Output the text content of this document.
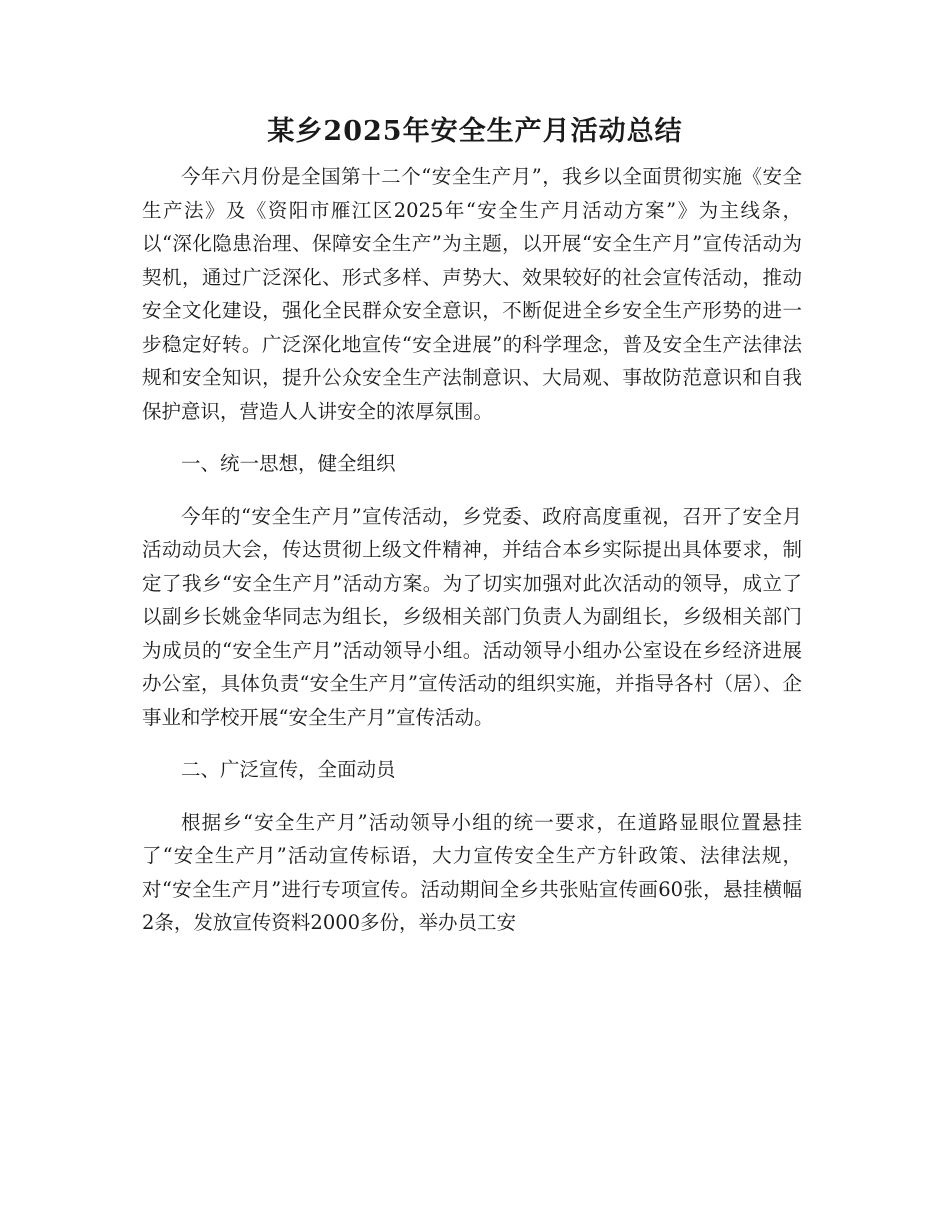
某乡2025年安全生产月活动总结

今年六月份是全国第十二个“安全生产月”，我乡以全面贯彻实施《安全生产法》及《资阳市雁江区2025年“安全生产月活动方案”》为主线条，以“深化隐患治理、保障安全生产”为主题，以开展“安全生产月”宣传活动为契机，通过广泛深化、形式多样、声势大、效果较好的社会宣传活动，推动安全文化建设，强化全民群众安全意识，不断促进全乡安全生产形势的进一步稳定好转。广泛深化地宣传“安全进展”的科学理念，普及安全生产法律法规和安全知识，提升公众安全生产法制意识、大局观、事故防范意识和自我保护意识，营造人人讲安全的浓厚氛围。

一、统一思想，健全组织

今年的“安全生产月”宣传活动，乡党委、政府高度重视，召开了安全月活动动员大会，传达贯彻上级文件精神，并结合本乡实际提出具体要求，制定了我乡“安全生产月”活动方案。为了切实加强对此次活动的领导，成立了以副乡长姚金华同志为组长，乡级相关部门负责人为副组长，乡级相关部门为成员的“安全生产月”活动领导小组。活动领导小组办公室设在乡经济进展办公室，具体负责“安全生产月”宣传活动的组织实施，并指导各村（居）、企事业和学校开展“安全生产月”宣传活动。

二、广泛宣传，全面动员

根据乡“安全生产月”活动领导小组的统一要求，在道路显眼位置悬挂了“安全生产月”活动宣传标语，大力宣传安全生产方针政策、法律法规，对“安全生产月”进行专项宣传。活动期间全乡共张贴宣传画60张，悬挂横幅2条，发放宣传资料2000多份，举办员工安
